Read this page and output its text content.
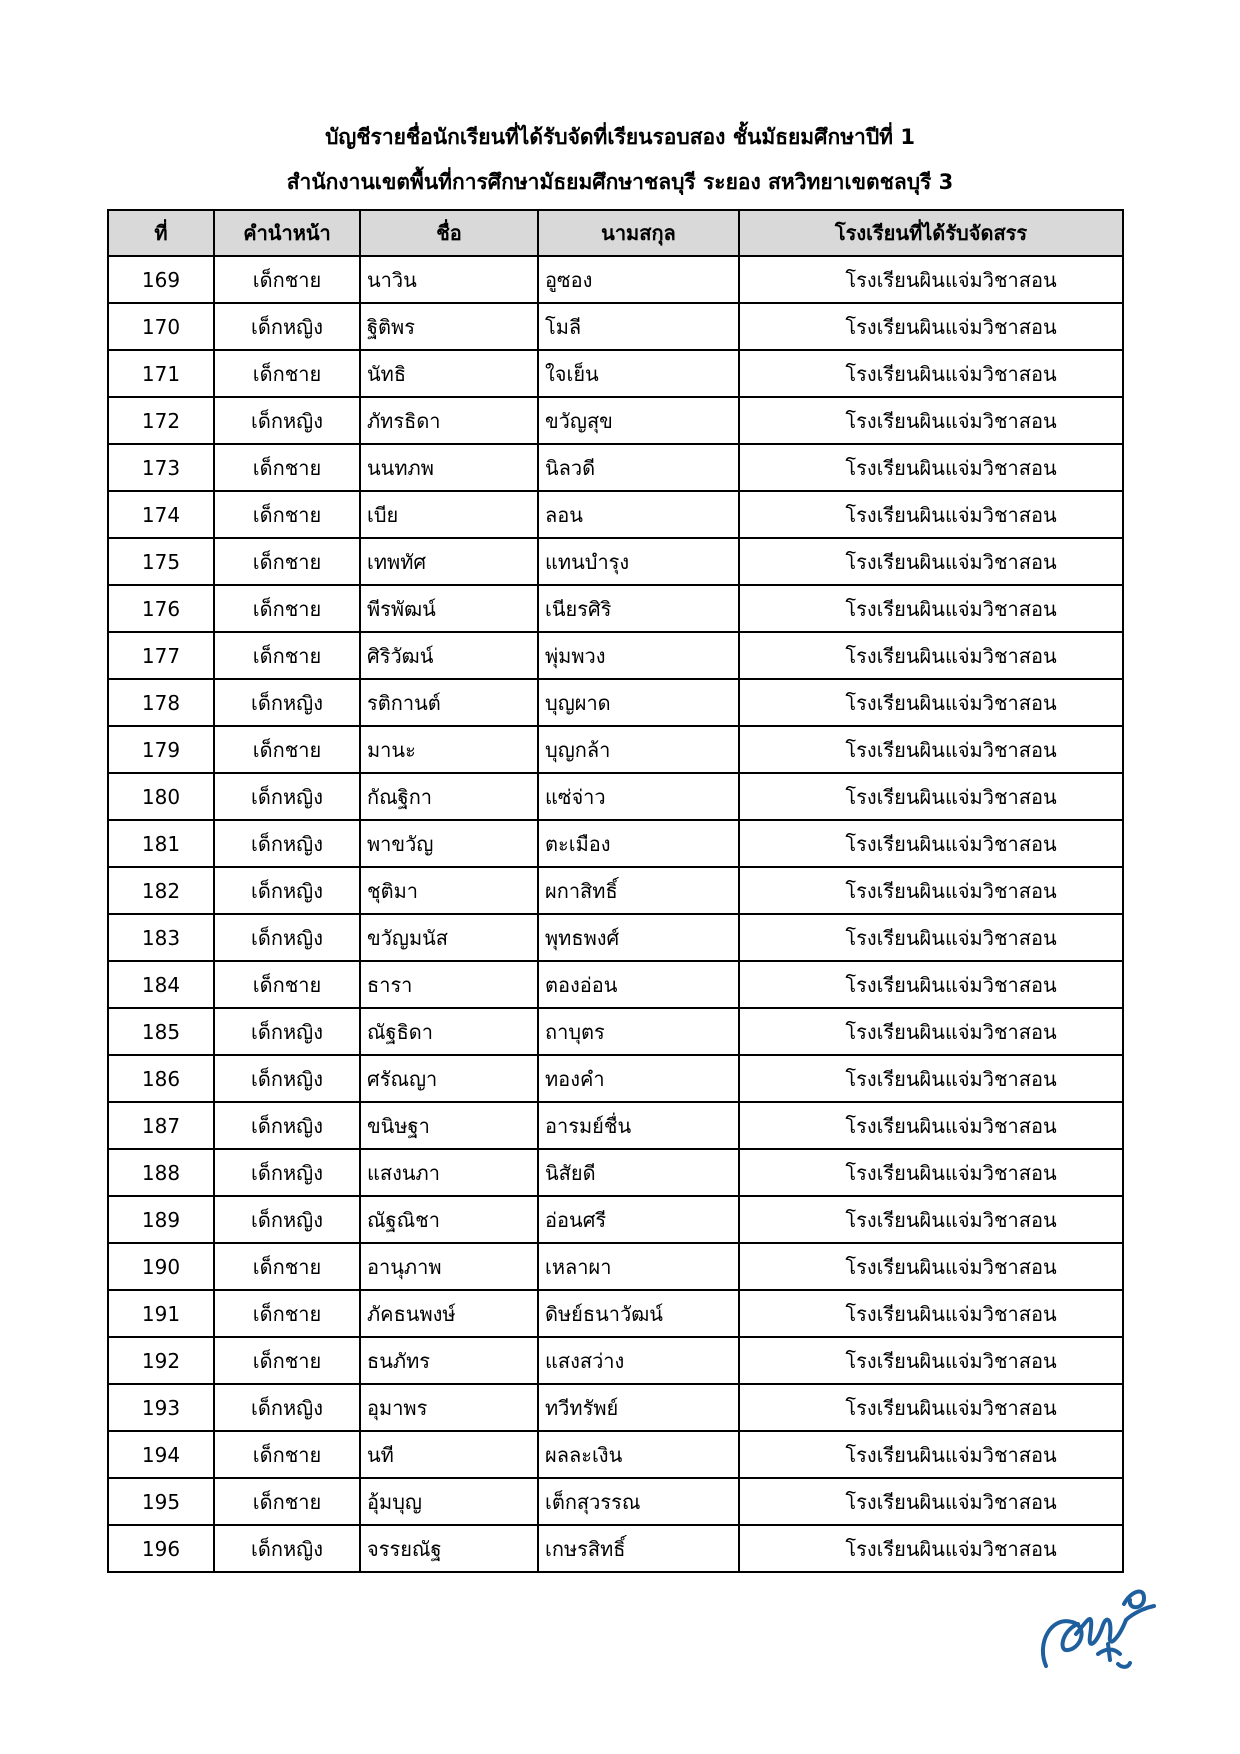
บัญชีรายชื่อนักเรียนที่ได้รับจัดที่เรียนรอบสอง ชั้นมัธยมศึกษาปีที่ 1
สำนักงานเขตพื้นที่การศึกษามัธยมศึกษาชลบุรี ระยอง สหวิทยาเขตชลบุรี 3
ที่	คำนำหน้า	ชื่อ	นามสกุล	โรงเรียนที่ได้รับจัดสรร
169	เด็กชาย	นาวิน	อูซอง	โรงเรียนผินแจ่มวิชาสอน
170	เด็กหญิง	ฐิติพร	โมลี	โรงเรียนผินแจ่มวิชาสอน
171	เด็กชาย	นัทธิ	ใจเย็น	โรงเรียนผินแจ่มวิชาสอน
172	เด็กหญิง	ภัทรธิดา	ขวัญสุข	โรงเรียนผินแจ่มวิชาสอน
173	เด็กชาย	นนทภพ	นิลวดี	โรงเรียนผินแจ่มวิชาสอน
174	เด็กชาย	เบีย	ลอน	โรงเรียนผินแจ่มวิชาสอน
175	เด็กชาย	เทพทัศ	แทนบำรุง	โรงเรียนผินแจ่มวิชาสอน
176	เด็กชาย	พีรพัฒน์	เนียรศิริ	โรงเรียนผินแจ่มวิชาสอน
177	เด็กชาย	ศิริวัฒน์	พุ่มพวง	โรงเรียนผินแจ่มวิชาสอน
178	เด็กหญิง	รติกานต์	บุญผาด	โรงเรียนผินแจ่มวิชาสอน
179	เด็กชาย	มานะ	บุญกล้า	โรงเรียนผินแจ่มวิชาสอน
180	เด็กหญิง	กัณฐิกา	แซ่จ่าว	โรงเรียนผินแจ่มวิชาสอน
181	เด็กหญิง	พาขวัญ	ตะเมือง	โรงเรียนผินแจ่มวิชาสอน
182	เด็กหญิง	ชุติมา	ผกาสิทธิ์	โรงเรียนผินแจ่มวิชาสอน
183	เด็กหญิง	ขวัญมนัส	พุทธพงศ์	โรงเรียนผินแจ่มวิชาสอน
184	เด็กชาย	ธารา	ตองอ่อน	โรงเรียนผินแจ่มวิชาสอน
185	เด็กหญิง	ณัฐธิดา	ถาบุตร	โรงเรียนผินแจ่มวิชาสอน
186	เด็กหญิง	ศรัณญา	ทองคำ	โรงเรียนผินแจ่มวิชาสอน
187	เด็กหญิง	ขนิษฐา	อารมย์ชื่น	โรงเรียนผินแจ่มวิชาสอน
188	เด็กหญิง	แสงนภา	นิสัยดี	โรงเรียนผินแจ่มวิชาสอน
189	เด็กหญิง	ณัฐณิชา	อ่อนศรี	โรงเรียนผินแจ่มวิชาสอน
190	เด็กชาย	อานุภาพ	เหลาผา	โรงเรียนผินแจ่มวิชาสอน
191	เด็กชาย	ภัคธนพงษ์	ดิษย์ธนาวัฒน์	โรงเรียนผินแจ่มวิชาสอน
192	เด็กชาย	ธนภัทร	แสงสว่าง	โรงเรียนผินแจ่มวิชาสอน
193	เด็กหญิง	อุมาพร	ทวีทรัพย์	โรงเรียนผินแจ่มวิชาสอน
194	เด็กชาย	นที	ผลละเงิน	โรงเรียนผินแจ่มวิชาสอน
195	เด็กชาย	อุ้มบุญ	เต็กสุวรรณ	โรงเรียนผินแจ่มวิชาสอน
196	เด็กหญิง	จรรยณัฐ	เกษรสิทธิ์	โรงเรียนผินแจ่มวิชาสอน
